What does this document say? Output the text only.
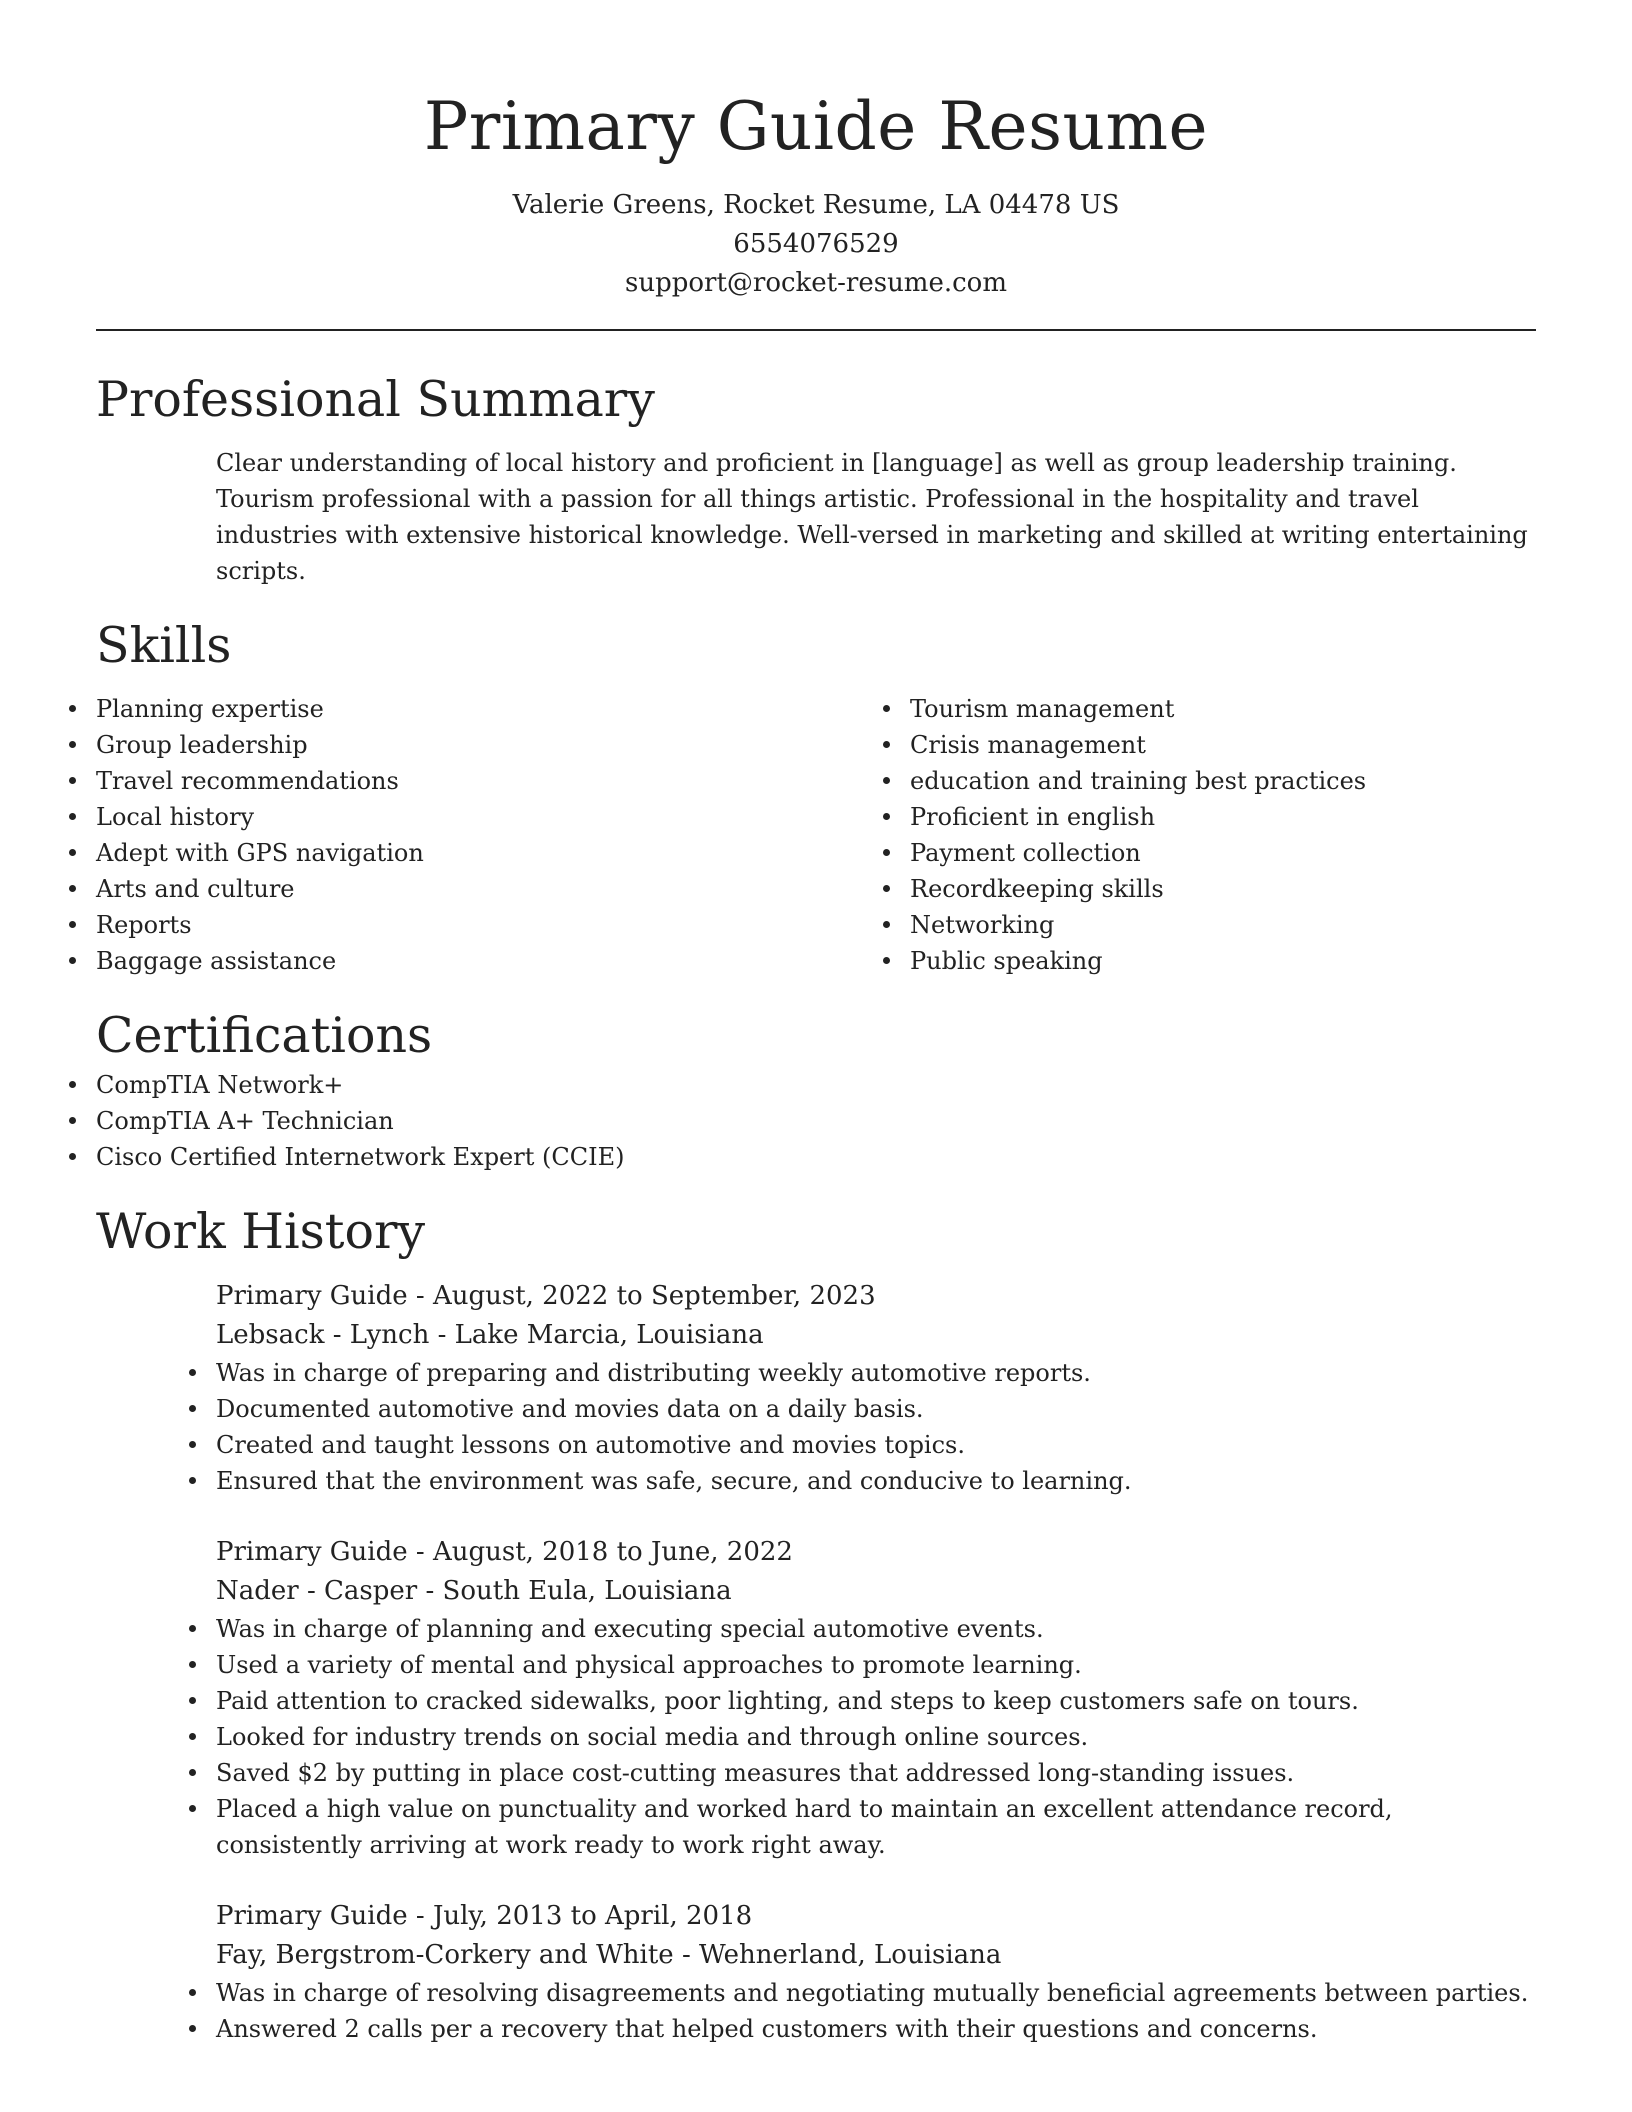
Primary Guide Resume
Valerie Greens, Rocket Resume, LA 04478 US
6554076529
support@rocket-resume.com
Professional Summary

Clear understanding of local history and proficient in [language] as well as group leadership training. Tourism professional with a passion for all things artistic. Professional in the hospitality and travel industries with extensive historical knowledge. Well-versed in marketing and skilled at writing entertaining scripts.

Skills
Planning expertise
Group leadership
Travel recommendations
Local history
Adept with GPS navigation
Arts and culture
Reports
Baggage assistance
Tourism management
Crisis management
education and training best practices
Proficient in english
Payment collection
Recordkeeping skills
Networking
Public speaking
Certifications
CompTIA Network+
CompTIA A+ Technician
Cisco Certified Internetwork Expert (CCIE)
Work History
Primary Guide - August, 2022 to September, 2023
Lebsack - Lynch - Lake Marcia, Louisiana
Was in charge of preparing and distributing weekly automotive reports.
Documented automotive and movies data on a daily basis.
Created and taught lessons on automotive and movies topics.
Ensured that the environment was safe, secure, and conducive to learning.
Primary Guide - August, 2018 to June, 2022
Nader - Casper - South Eula, Louisiana
Was in charge of planning and executing special automotive events.
Used a variety of mental and physical approaches to promote learning.
Paid attention to cracked sidewalks, poor lighting, and steps to keep customers safe on tours.
Looked for industry trends on social media and through online sources.
Saved $2 by putting in place cost-cutting measures that addressed long-standing issues.
Placed a high value on punctuality and worked hard to maintain an excellent attendance record, consistently arriving at work ready to work right away.
Primary Guide - July, 2013 to April, 2018
Fay, Bergstrom-Corkery and White - Wehnerland, Louisiana
Was in charge of resolving disagreements and negotiating mutually beneficial agreements between parties.
Answered 2 calls per a recovery that helped customers with their questions and concerns.
